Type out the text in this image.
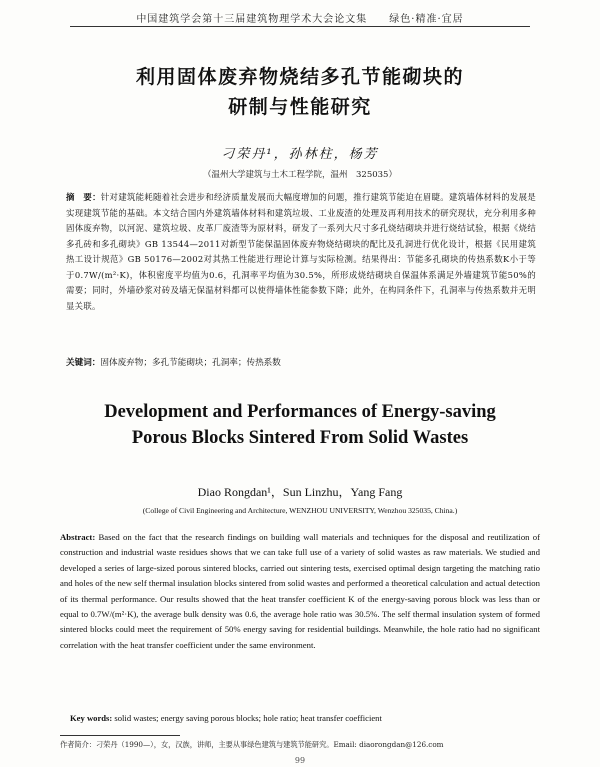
中国建筑学会第十三届建筑物理学术大会论文集　　绿色·精准·宜居
利用固体废弃物烧结多孔节能砌块的
研制与性能研究
刁荣丹¹，孙林柱，杨芳
（温州大学建筑与土木工程学院，温州　325035）
摘　要：针对建筑能耗随着社会进步和经济质量发展而大幅度增加的问题，推行建筑节能迫在眉睫。建筑墙体材料的发展是实现建筑节能的基础。本文结合国内外建筑墙体材料和建筑垃圾、工业废渣的处理及再利用技术的研究现状，充分利用多种固体废弃物，以河泥、建筑垃圾、皮革厂废渣等为原材料，研发了一系列大尺寸多孔烧结砌块并进行烧结试验，根据《烧结多孔砖和多孔砌块》GB 13544—2011对新型节能保温固体废弃物烧结砌块的配比及孔洞进行优化设计，根据《民用建筑热工设计规范》GB 50176—2002对其热工性能进行理论计算与实际检测。结果得出：节能多孔砌块的传热系数K小于等于0.7W/(m²·K)，体积密度平均值为0.6，孔洞率平均值为30.5%，所形成烧结砌块自保温体系满足外墙建筑节能50%的需要；同时，外墙砂浆对砖及墙无保温材料都可以使得墙体性能参数下降；此外，在构同条件下，孔洞率与传热系数并无明显关联。
关键词：固体废弃物；多孔节能砌块；孔洞率；传热系数
Development and Performances of Energy-saving
Porous Blocks Sintered From Solid Wastes
Diao Rongdan¹，Sun Linzhu，Yang Fang
(College of Civil Engineering and Architecture, WENZHOU UNIVERSITY, Wenzhou 325035, China.)
Abstract: Based on the fact that the research findings on building wall materials and techniques for the disposal and reutilization of construction and industrial waste residues shows that we can take full use of a variety of solid wastes as raw materials. We studied and developed a series of large-sized porous sintered blocks, carried out sintering tests, exercised optimal design targeting the matching ratio and holes of the new self thermal insulation blocks sintered from solid wastes and performed a theoretical calculation and actual detection of its thermal performance. Our results showed that the heat transfer coefficient K of the energy-saving porous block was less than or equal to 0.7W/(m²·K), the average bulk density was 0.6, the average hole ratio was 30.5%. The self thermal insulation system of formed sintered blocks could meet the requirement of 50% energy saving for residential buildings. Meanwhile, the hole ratio had no significant correlation with the heat transfer coefficient under the same environment.
Key words: solid wastes; energy saving porous blocks; hole ratio; heat transfer coefficient
作者简介：刁荣丹（1990—），女，汉族，讲师，主要从事绿色建筑与建筑节能研究。Email: diaorongdan@126.com
99
